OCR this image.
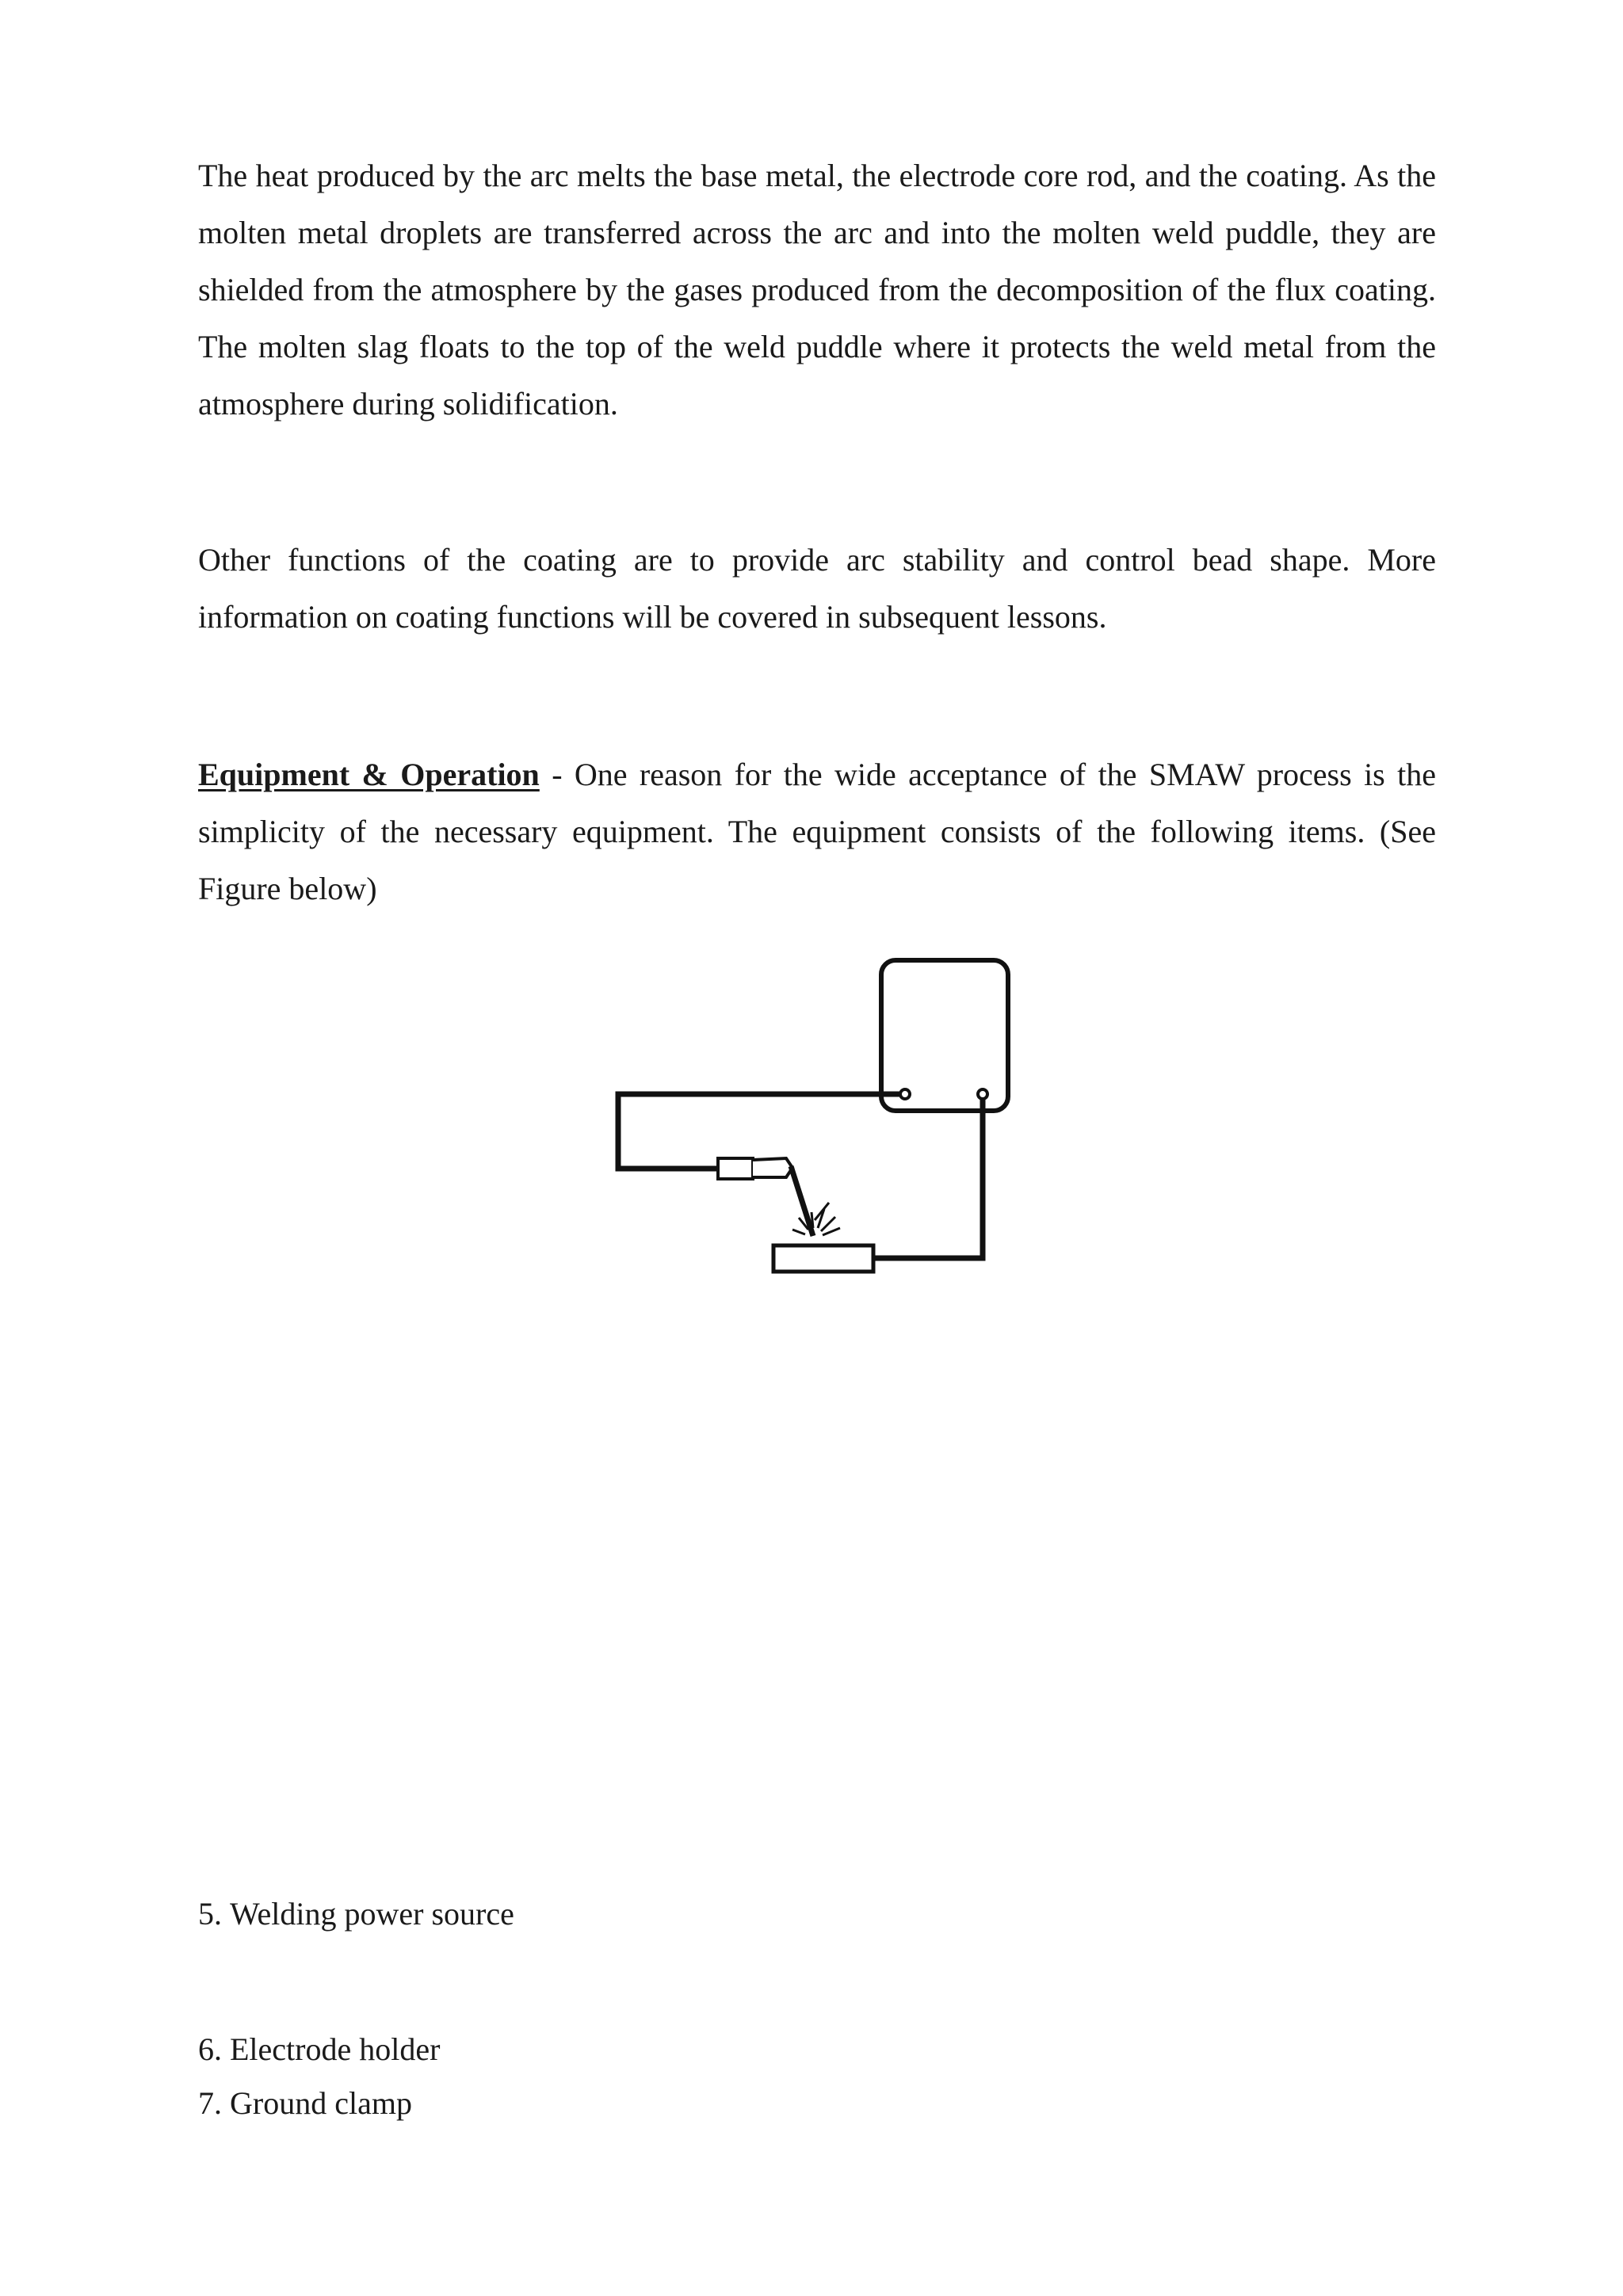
The heat produced by the arc melts the base metal, the electrode core rod, and the coating. As the molten metal droplets are transferred across the arc and into the molten weld puddle, they are shielded from the atmosphere by the gases produced from the decomposition of the flux coating. The molten slag floats to the top of the weld puddle where it protects the weld metal from the atmosphere during solidification.

Other functions of the coating are to provide arc stability and control bead shape. More information on coating functions will be covered in subsequent lessons.

Equipment & Operation - One reason for the wide acceptance of the SMAW process is the simplicity of the necessary equipment. The equipment consists of the following items. (See Figure below)

5. Welding power source

6. Electrode holder

7. Ground clamp
